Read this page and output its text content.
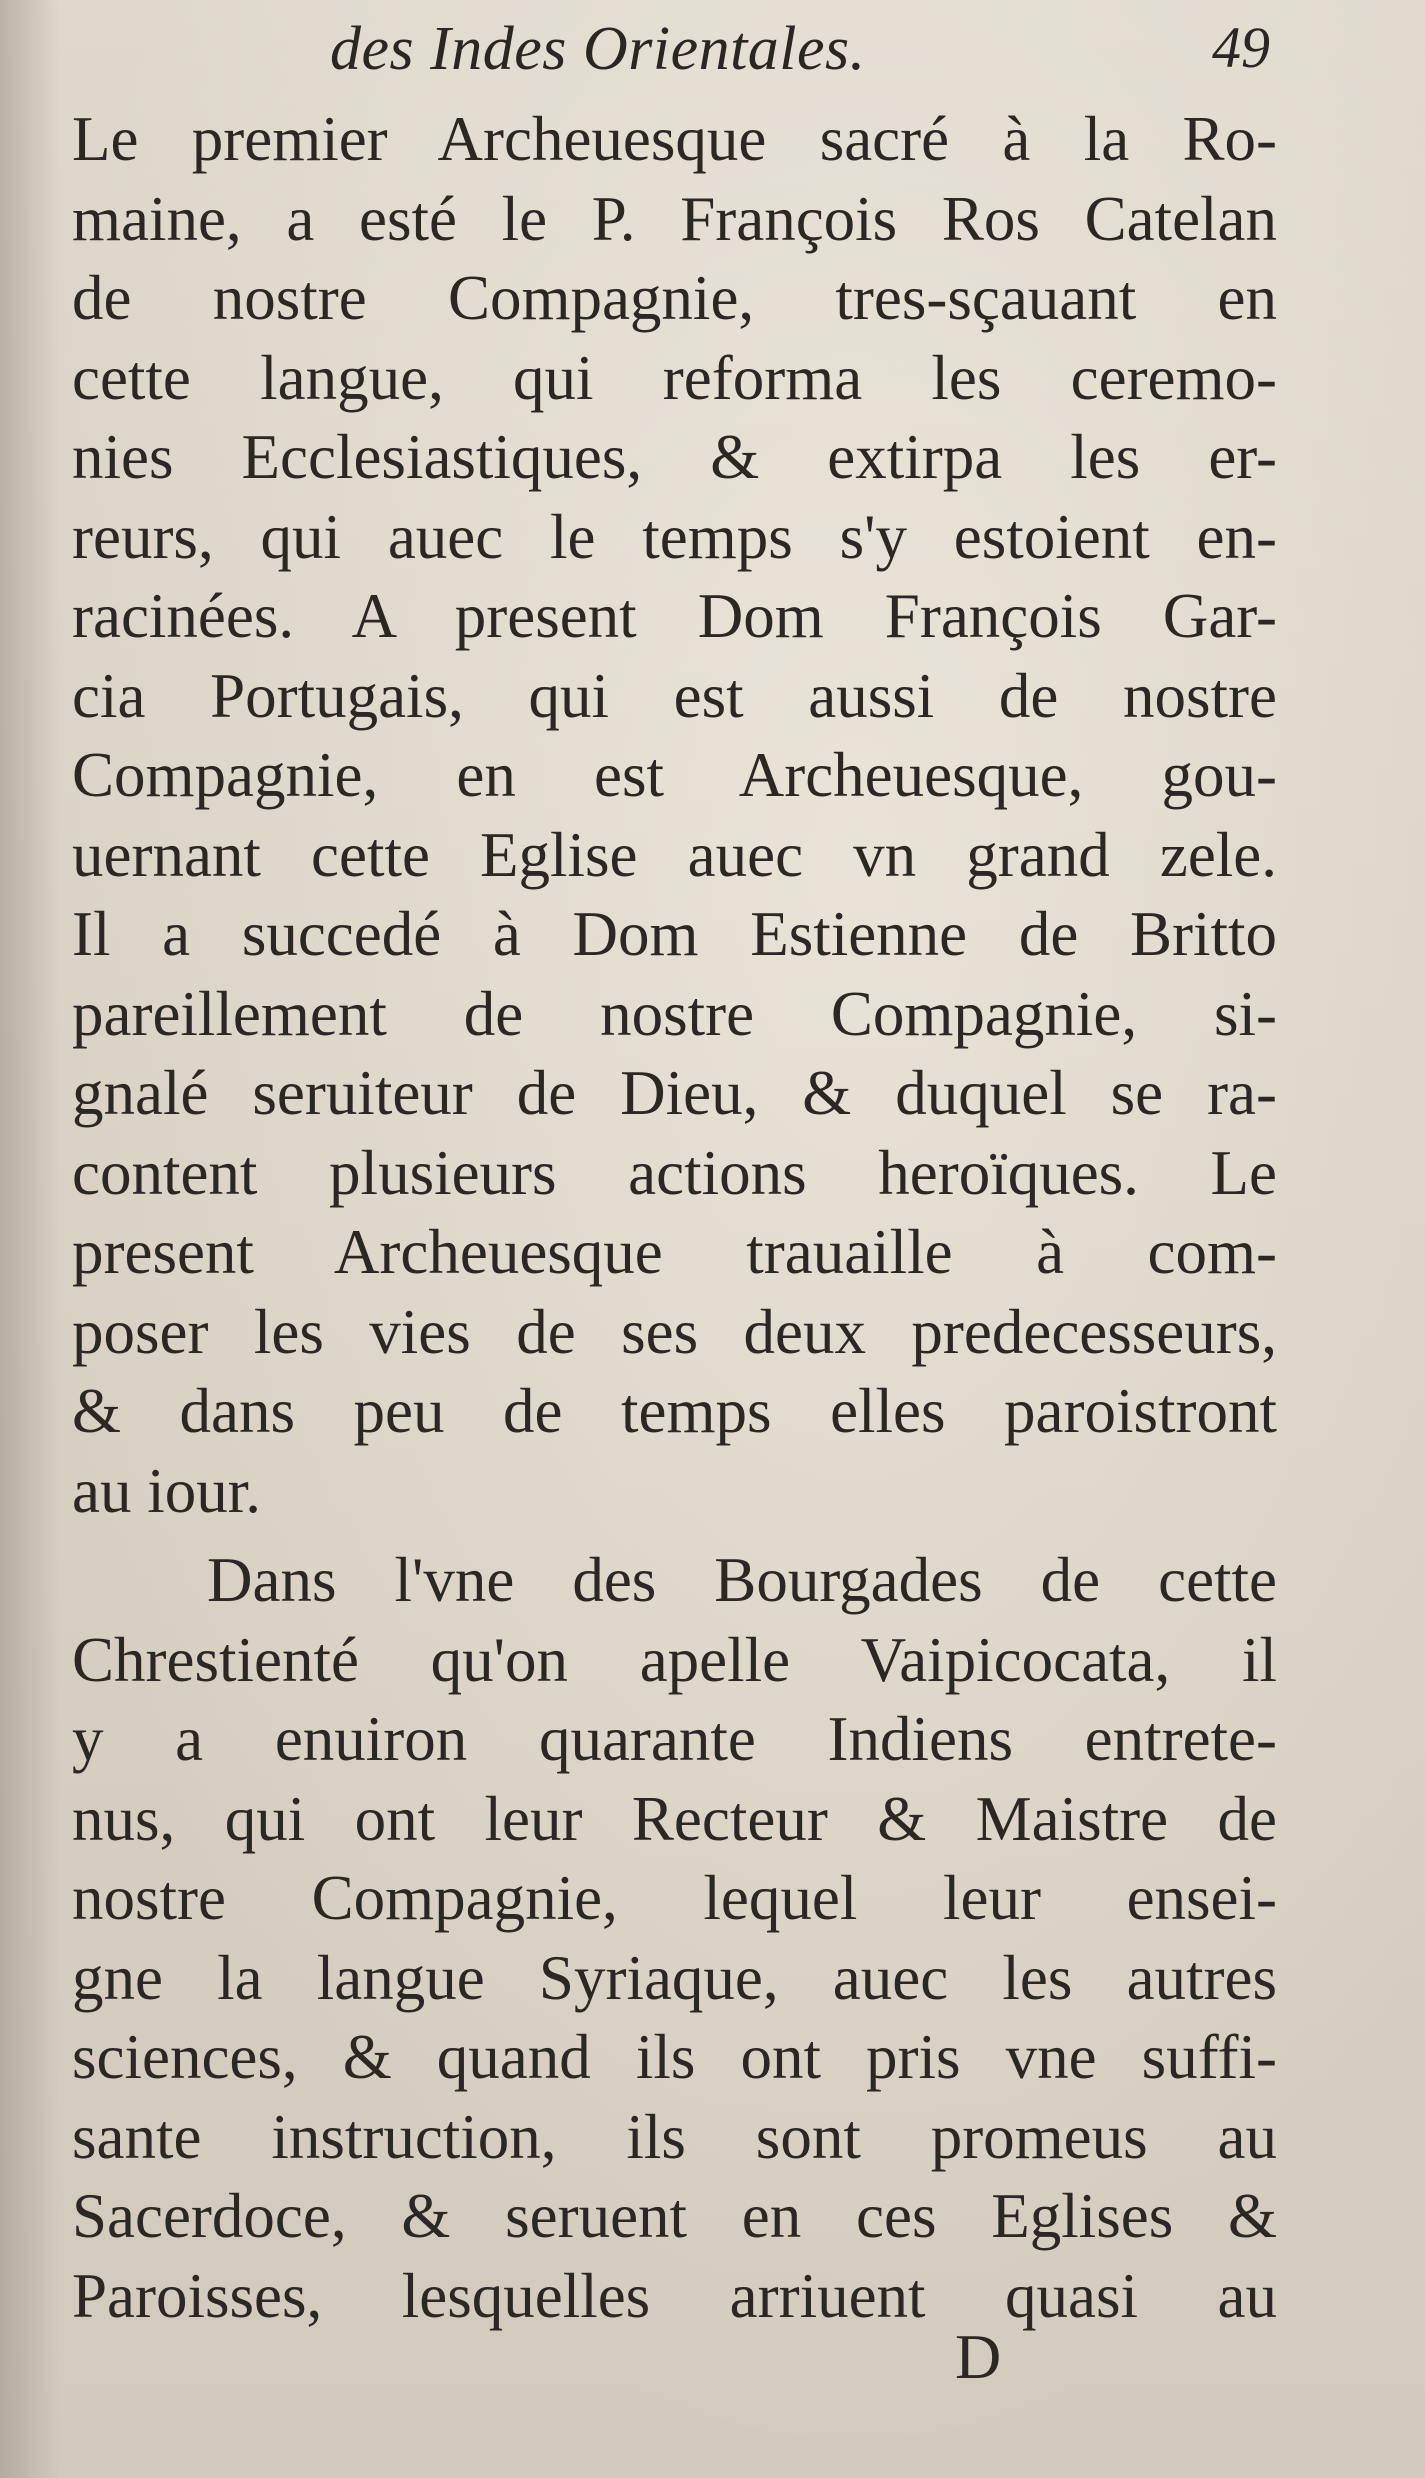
des Indes Orientales.	49
Le premier Archeuesque sacré à la Ro-
maine, a esté le P. François Ros Catelan
de nostre Compagnie, tres-sçauant en
cette langue, qui reforma les ceremo-
nies Ecclesiastiques, & extirpa les er-
reurs, qui auec le temps s'y estoient en-
racinées. A present Dom François Gar-
cia Portugais, qui est aussi de nostre
Compagnie, en est Archeuesque, gou-
uernant cette Eglise auec vn grand zele.
Il a succedé à Dom Estienne de Britto
pareillement de nostre Compagnie, si-
gnalé seruiteur de Dieu, & duquel se ra-
content plusieurs actions heroïques. Le
present Archeuesque trauaille à com-
poser les vies de ses deux predecesseurs,
& dans peu de temps elles paroistront
au iour.
Dans l'vne des Bourgades de cette
Chrestienté qu'on apelle Vaipicocata, il
y a enuiron quarante Indiens entrete-
nus, qui ont leur Recteur & Maistre de
nostre Compagnie, lequel leur ensei-
gne la langue Syriaque, auec les autres
sciences, & quand ils ont pris vne suffi-
sante instruction, ils sont promeus au
Sacerdoce, & seruent en ces Eglises &
Paroisses, lesquelles arriuent quasi au
D
